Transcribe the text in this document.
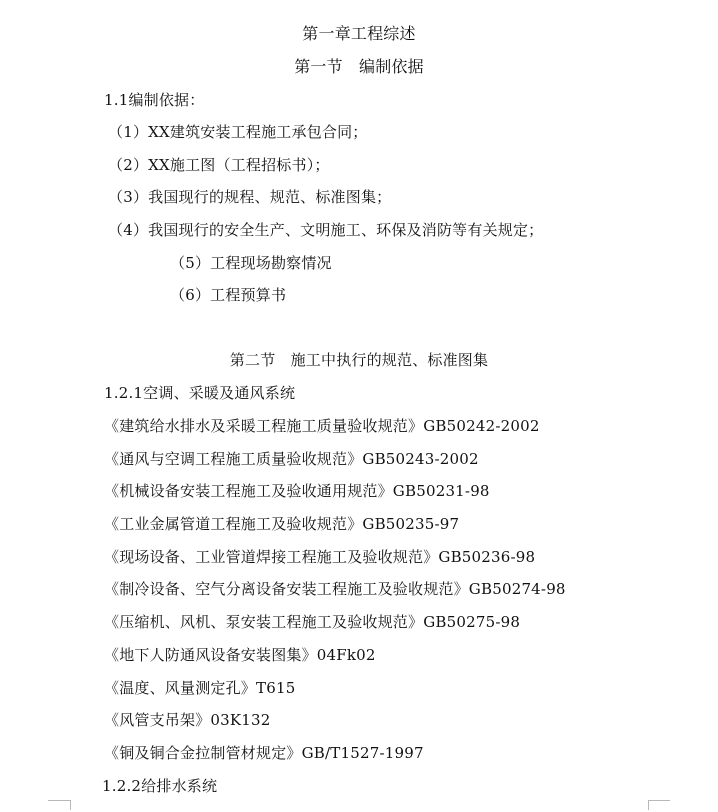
第一章工程综述
第一节　编制依据
1.1编制依据：
（1）XX建筑安装工程施工承包合同；
（2）XX施工图（工程招标书）；
（3）我国现行的规程、规范、标准图集；
（4）我国现行的安全生产、文明施工、环保及消防等有关规定；
（5）工程现场勘察情况
（6）工程预算书
第二节　施工中执行的规范、标准图集
1.2.1空调、采暖及通风系统
《建筑给水排水及采暖工程施工质量验收规范》GB50242-2002
《通风与空调工程施工质量验收规范》GB50243-2002
《机械设备安装工程施工及验收通用规范》GB50231-98
《工业金属管道工程施工及验收规范》GB50235-97
《现场设备、工业管道焊接工程施工及验收规范》GB50236-98
《制冷设备、空气分离设备安装工程施工及验收规范》GB50274-98
《压缩机、风机、泵安装工程施工及验收规范》GB50275-98
《地下人防通风设备安装图集》04Fk02
《温度、风量测定孔》T615
《风管支吊架》03K132
《铜及铜合金拉制管材规定》GB/T1527-1997
1.2.2给排水系统
